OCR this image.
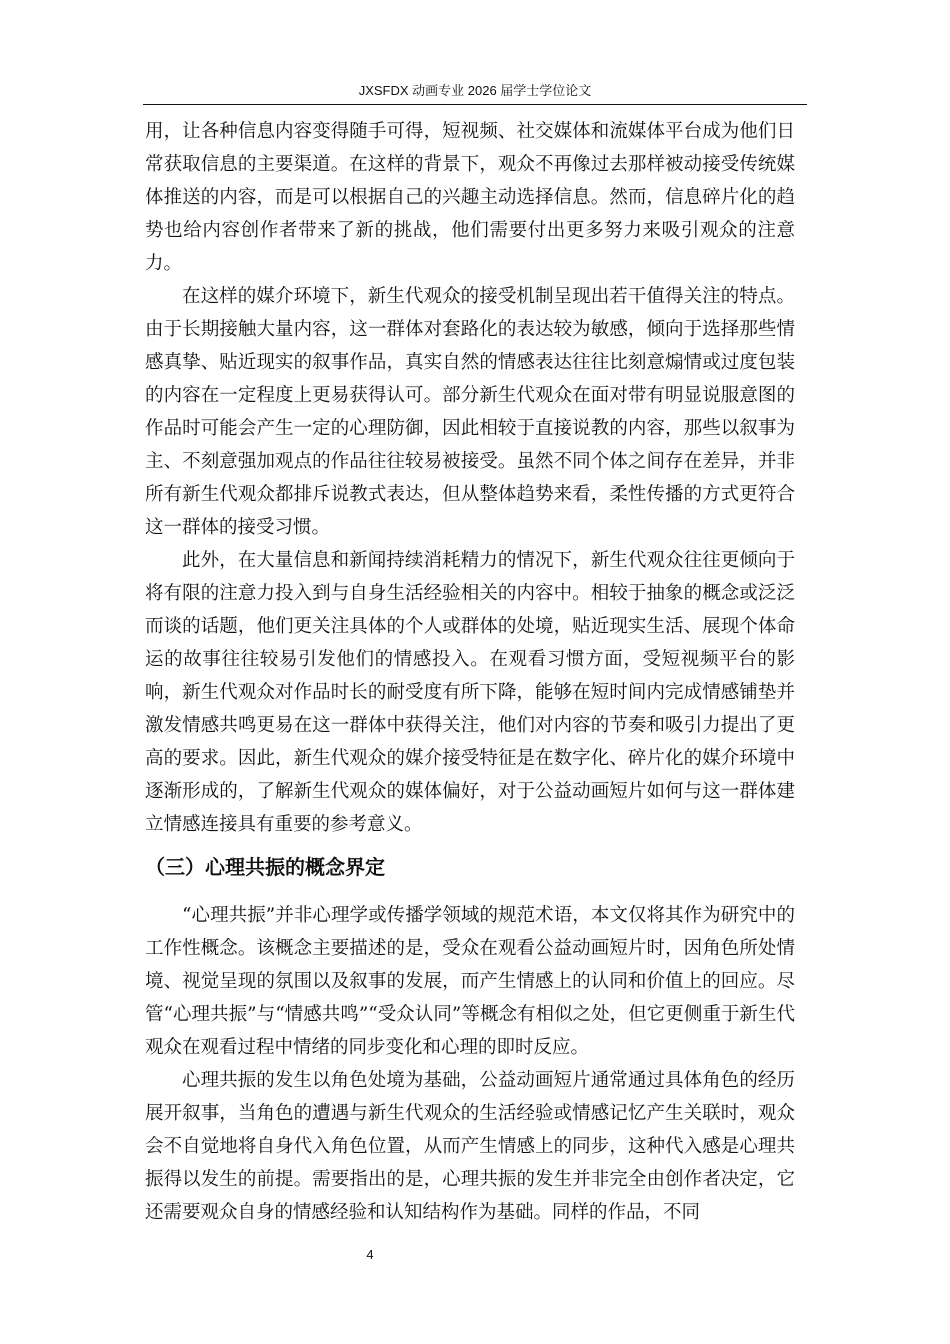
JXSFDX 动画专业 2026 届学士学位论文

用，让各种信息内容变得随手可得，短视频、社交媒体和流媒体平台成为他们日常获取信息的主要渠道。在这样的背景下，观众不再像过去那样被动接受传统媒体推送的内容，而是可以根据自己的兴趣主动选择信息。然而，信息碎片化的趋势也给内容创作者带来了新的挑战，他们需要付出更多努力来吸引观众的注意力。

在这样的媒介环境下，新生代观众的接受机制呈现出若干值得关注的特点。由于长期接触大量内容，这一群体对套路化的表达较为敏感，倾向于选择那些情感真挚、贴近现实的叙事作品，真实自然的情感表达往往比刻意煽情或过度包装的内容在一定程度上更易获得认可。部分新生代观众在面对带有明显说服意图的作品时可能会产生一定的心理防御，因此相较于直接说教的内容，那些以叙事为主、不刻意强加观点的作品往往较易被接受。虽然不同个体之间存在差异，并非所有新生代观众都排斥说教式表达，但从整体趋势来看，柔性传播的方式更符合这一群体的接受习惯。

此外，在大量信息和新闻持续消耗精力的情况下，新生代观众往往更倾向于将有限的注意力投入到与自身生活经验相关的内容中。相较于抽象的概念或泛泛而谈的话题，他们更关注具体的个人或群体的处境，贴近现实生活、展现个体命运的故事往往较易引发他们的情感投入。在观看习惯方面，受短视频平台的影响，新生代观众对作品时长的耐受度有所下降，能够在短时间内完成情感铺垫并激发情感共鸣更易在这一群体中获得关注，他们对内容的节奏和吸引力提出了更高的要求。因此，新生代观众的媒介接受特征是在数字化、碎片化的媒介环境中逐渐形成的，了解新生代观众的媒体偏好，对于公益动画短片如何与这一群体建立情感连接具有重要的参考意义。

（三）心理共振的概念界定

“心理共振”并非心理学或传播学领域的规范术语，本文仅将其作为研究中的工作性概念。该概念主要描述的是，受众在观看公益动画短片时，因角色所处情境、视觉呈现的氛围以及叙事的发展，而产生情感上的认同和价值上的回应。尽管“心理共振”与“情感共鸣”“受众认同”等概念有相似之处，但它更侧重于新生代观众在观看过程中情绪的同步变化和心理的即时反应。

心理共振的发生以角色处境为基础，公益动画短片通常通过具体角色的经历展开叙事，当角色的遭遇与新生代观众的生活经验或情感记忆产生关联时，观众会不自觉地将自身代入角色位置，从而产生情感上的同步，这种代入感是心理共振得以发生的前提。需要指出的是，心理共振的发生并非完全由创作者决定，它还需要观众自身的情感经验和认知结构作为基础。同样的作品，不同

4
